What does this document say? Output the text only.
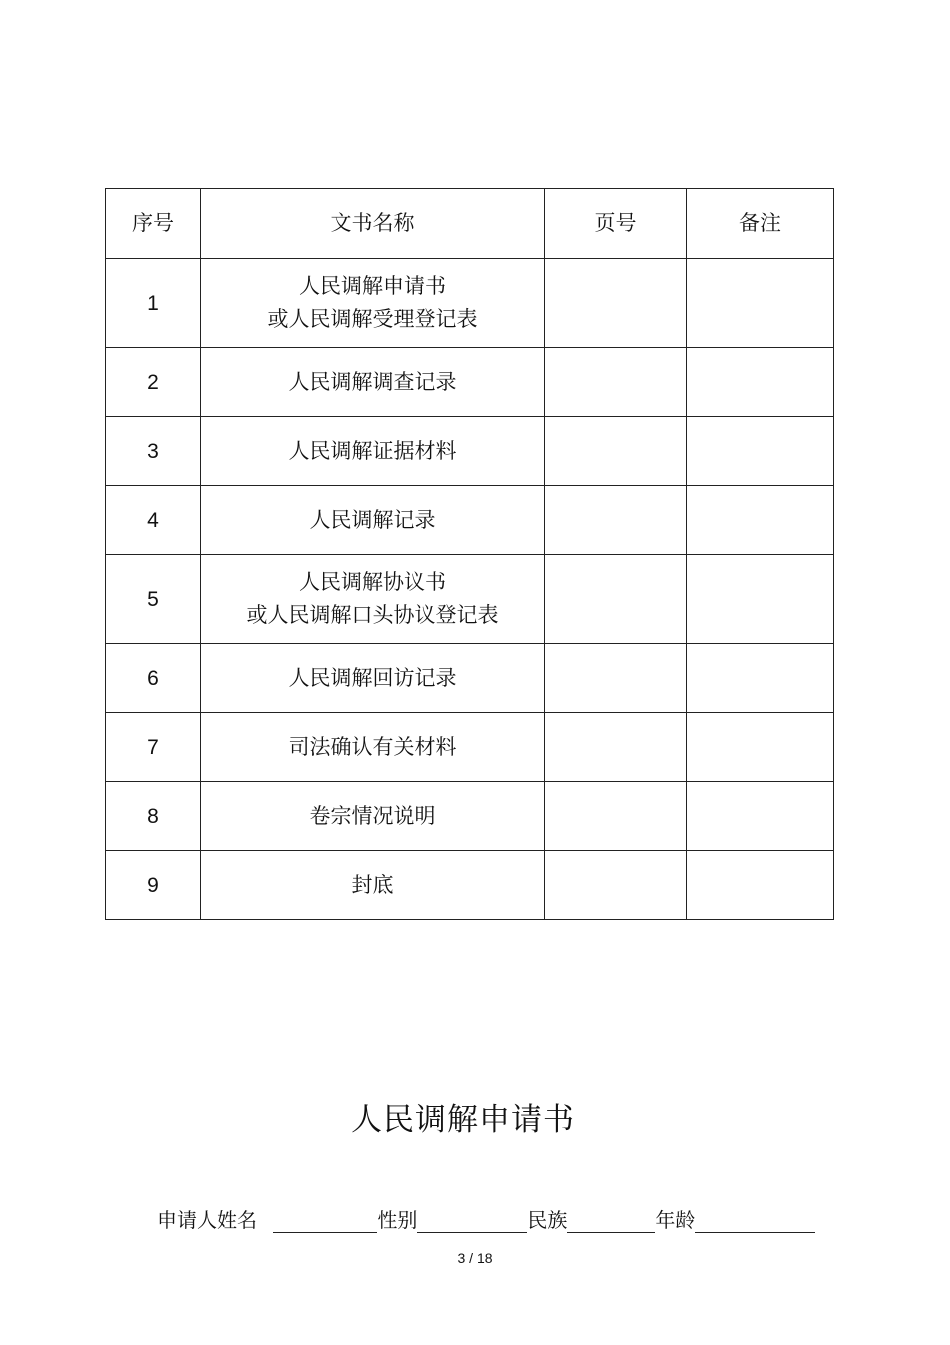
序号	文书名称	页号	备注
1	人民调解申请书
或人民调解受理登记表		

2	人民调解调查记录		
3	人民调解证据材料		
4	人民调解记录		
5	人民调解协议书
或人民调解口头协议登记表		

6	人民调解回访记录		
7	司法确认有关材料		
8	卷宗情况说明		
9	封底		
人民调解申请书
申请人姓名	性别	民族	年龄
3 / 18
